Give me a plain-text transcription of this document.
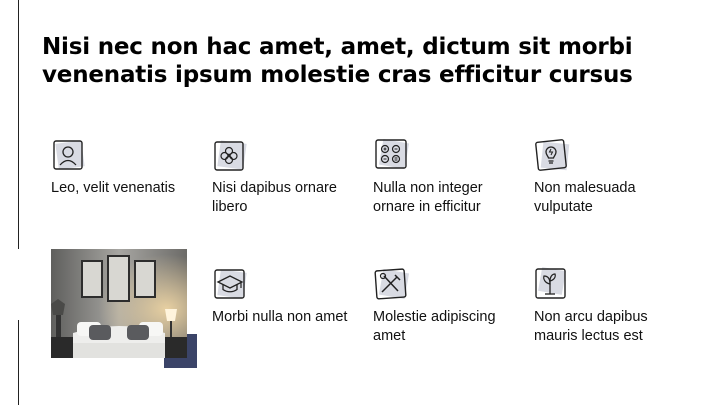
Nisi nec non hac amet, amet, dictum sit morbi venenatis ipsum molestie cras efficitur cursus
Leo, velit venenatis	Nisi dapibus ornare libero
Nulla non integer ornare in efficitur
Non malesuada vulputate
Morbi nulla non amet	Molestie adipiscing amet
Non arcu dapibus mauris lectus est
